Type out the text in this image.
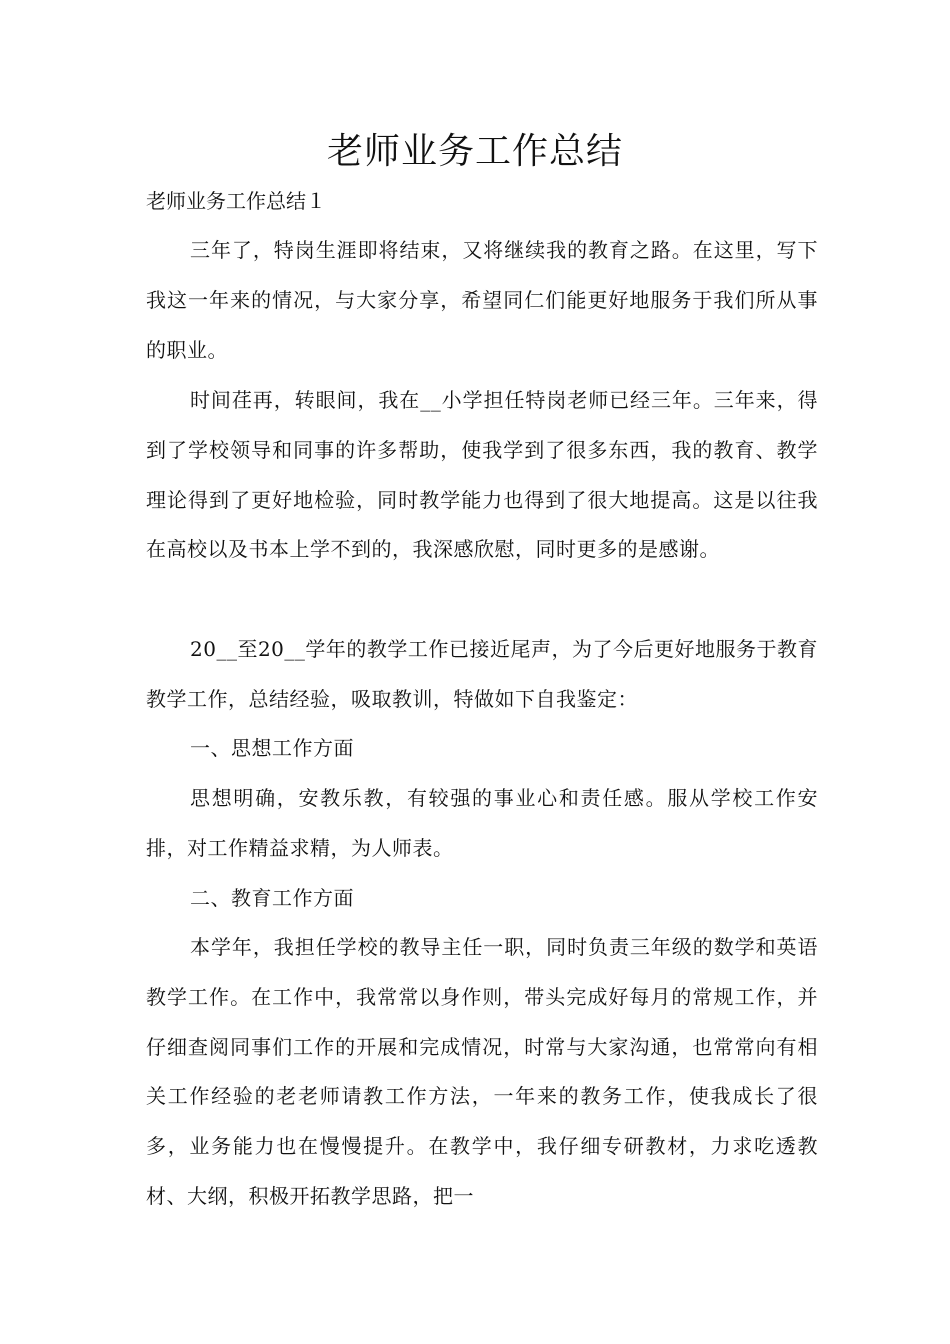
老师业务工作总结

老师业务工作总结１

三年了，特岗生涯即将结束，又将继续我的教育之路。在这里，写下我这一年来的情况，与大家分享，希望同仁们能更好地服务于我们所从事的职业。

时间荏再，转眼间，我在__小学担任特岗老师已经三年。三年来，得到了学校领导和同事的许多帮助，使我学到了很多东西，我的教育、教学理论得到了更好地检验，同时教学能力也得到了很大地提高。这是以往我在高校以及书本上学不到的，我深感欣慰，同时更多的是感谢。

20__至20__学年的教学工作已接近尾声，为了今后更好地服务于教育教学工作，总结经验，吸取教训，特做如下自我鉴定：

一、思想工作方面

思想明确，安教乐教，有较强的事业心和责任感。服从学校工作安排，对工作精益求精，为人师表。

二、教育工作方面

本学年，我担任学校的教导主任一职，同时负责三年级的数学和英语教学工作。在工作中，我常常以身作则，带头完成好每月的常规工作，并仔细查阅同事们工作的开展和完成情况，时常与大家沟通，也常常向有相关工作经验的老老师请教工作方法，一年来的教务工作，使我成长了很多，业务能力也在慢慢提升。在教学中，我仔细专研教材，力求吃透教材、大纲，积极开拓教学思路，把一
